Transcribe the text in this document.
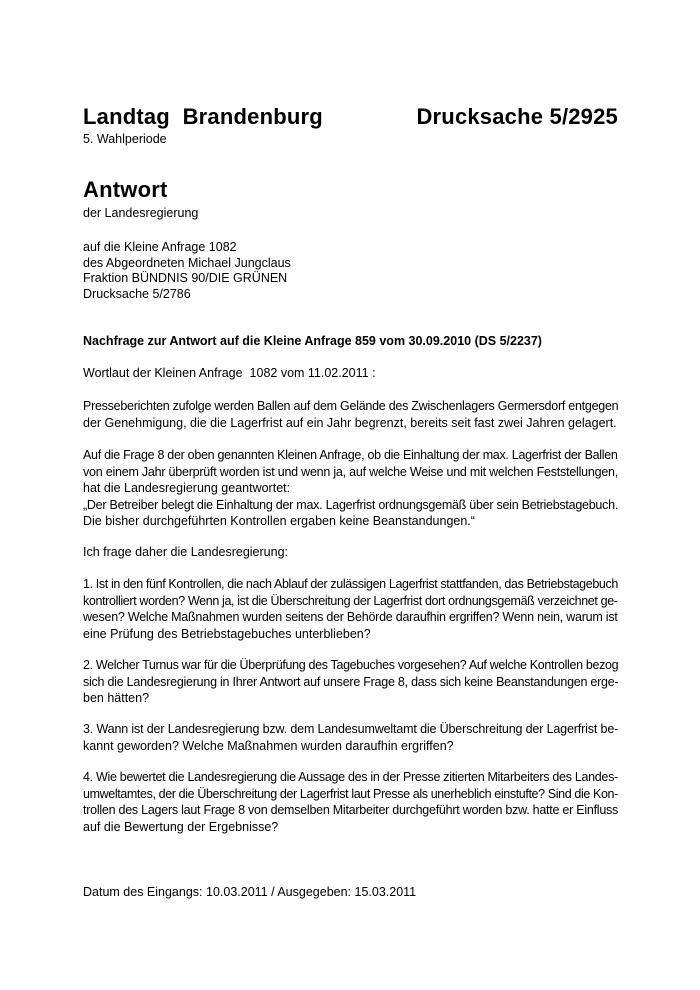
Landtag  Brandenburg	Drucksache 5/2925
5. Wahlperiode
Antwort
der Landesregierung
auf die Kleine Anfrage 1082
des Abgeordneten Michael Jungclaus
Fraktion BÜNDNIS 90/DIE GRÜNEN
Drucksache 5/2786
Nachfrage zur Antwort auf die Kleine Anfrage 859 vom 30.09.2010 (DS 5/2237)
Wortlaut der Kleinen Anfrage  1082 vom 11.02.2011 :
Presseberichten zufolge werden Ballen auf dem Gelände des Zwischenlagers Germersdorf entgegen
der Genehmigung, die die Lagerfrist auf ein Jahr begrenzt, bereits seit fast zwei Jahren gelagert.
Auf die Frage 8 der oben genannten Kleinen Anfrage, ob die Einhaltung der max. Lagerfrist der Ballen
von einem Jahr überprüft worden ist und wenn ja, auf welche Weise und mit welchen Feststellungen,
hat die Landesregierung geantwortet:
„Der Betreiber belegt die Einhaltung der max. Lagerfrist ordnungsgemäß über sein Betriebstagebuch.
Die bisher durchgeführten Kontrollen ergaben keine Beanstandungen.“
Ich frage daher die Landesregierung:
1. Ist in den fünf Kontrollen, die nach Ablauf der zulässigen Lagerfrist stattfanden, das Betriebstagebuch
kontrolliert worden? Wenn ja, ist die Überschreitung der Lagerfrist dort ordnungsgemäß verzeichnet ge-
wesen? Welche Maßnahmen wurden seitens der Behörde daraufhin ergriffen? Wenn nein, warum ist
eine Prüfung des Betriebstagebuches unterblieben?
2. Welcher Turnus war für die Überprüfung des Tagebuches vorgesehen? Auf welche Kontrollen bezog
sich die Landesregierung in Ihrer Antwort auf unsere Frage 8, dass sich keine Beanstandungen erge-
ben hätten?
3. Wann ist der Landesregierung bzw. dem Landesumweltamt die Überschreitung der Lagerfrist be-
kannt geworden? Welche Maßnahmen wurden daraufhin ergriffen?
4. Wie bewertet die Landesregierung die Aussage des in der Presse zitierten Mitarbeiters des Landes-
umweltamtes, der die Überschreitung der Lagerfrist laut Presse als unerheblich einstufte? Sind die Kon-
trollen des Lagers laut Frage 8 von demselben Mitarbeiter durchgeführt worden bzw. hatte er Einfluss
auf die Bewertung der Ergebnisse?
Datum des Eingangs: 10.03.2011 / Ausgegeben: 15.03.2011
